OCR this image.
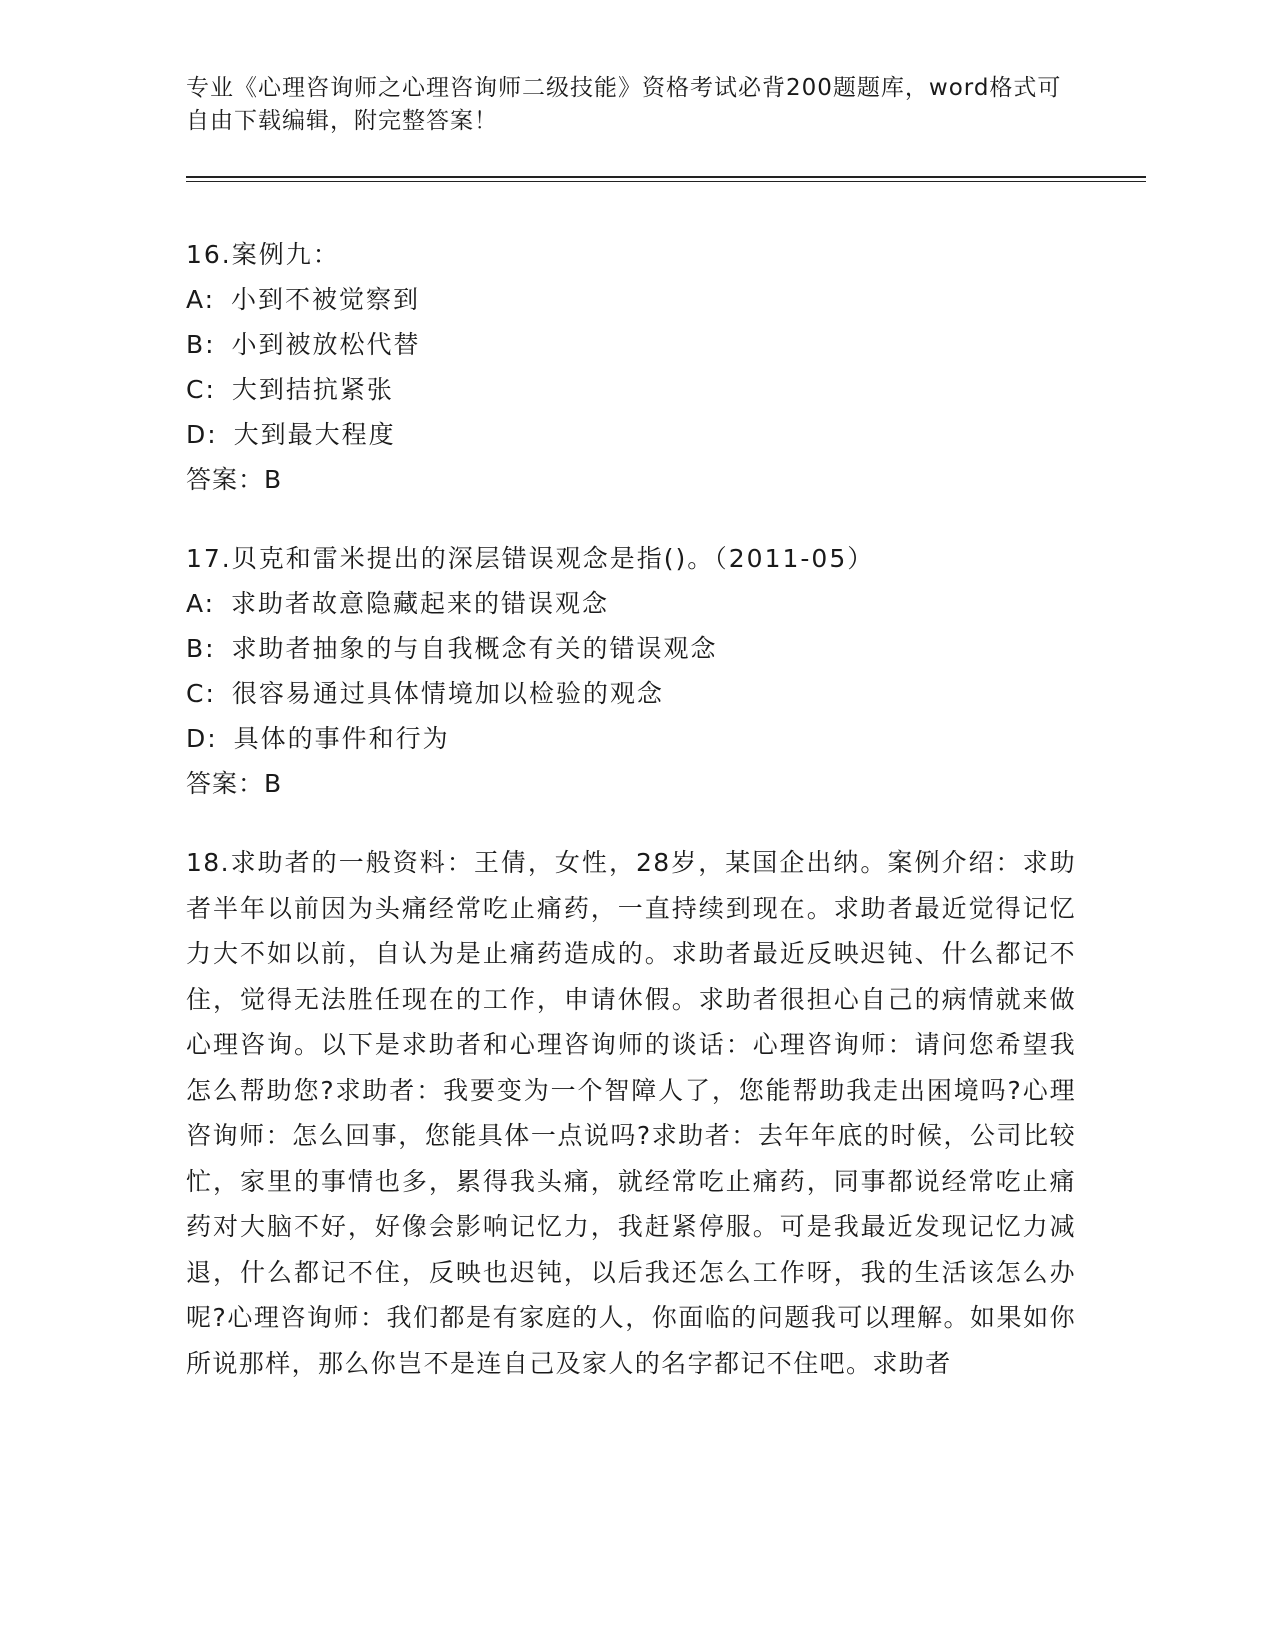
专业《心理咨询师之心理咨询师二级技能》资格考试必背200题题库，word格式可自由下载编辑，附完整答案！
16.案例九：
A: 小到不被觉察到
B: 小到被放松代替
C: 大到拮抗紧张
D: 大到最大程度
答案：B
17.贝克和雷米提出的深层错误观念是指()。（2011-05）
A: 求助者故意隐藏起来的错误观念
B: 求助者抽象的与自我概念有关的错误观念
C: 很容易通过具体情境加以检验的观念
D: 具体的事件和行为
答案：B
18.求助者的一般资料：王倩，女性，28岁，某国企出纳。案例介绍：求助者半年以前因为头痛经常吃止痛药，一直持续到现在。求助者最近觉得记忆力大不如以前，自认为是止痛药造成的。求助者最近反映迟钝、什么都记不住，觉得无法胜任现在的工作，申请休假。求助者很担心自己的病情就来做心理咨询。以下是求助者和心理咨询师的谈话：心理咨询师：请问您希望我怎么帮助您?求助者：我要变为一个智障人了，您能帮助我走出困境吗?心理咨询师：怎么回事，您能具体一点说吗?求助者：去年年底的时候，公司比较忙，家里的事情也多，累得我头痛，就经常吃止痛药，同事都说经常吃止痛药对大脑不好，好像会影响记忆力，我赶紧停服。可是我最近发现记忆力减退，什么都记不住，反映也迟钝，以后我还怎么工作呀，我的生活该怎么办呢?心理咨询师：我们都是有家庭的人，你面临的问题我可以理解。如果如你所说那样，那么你岂不是连自己及家人的名字都记不住吧。求助者
